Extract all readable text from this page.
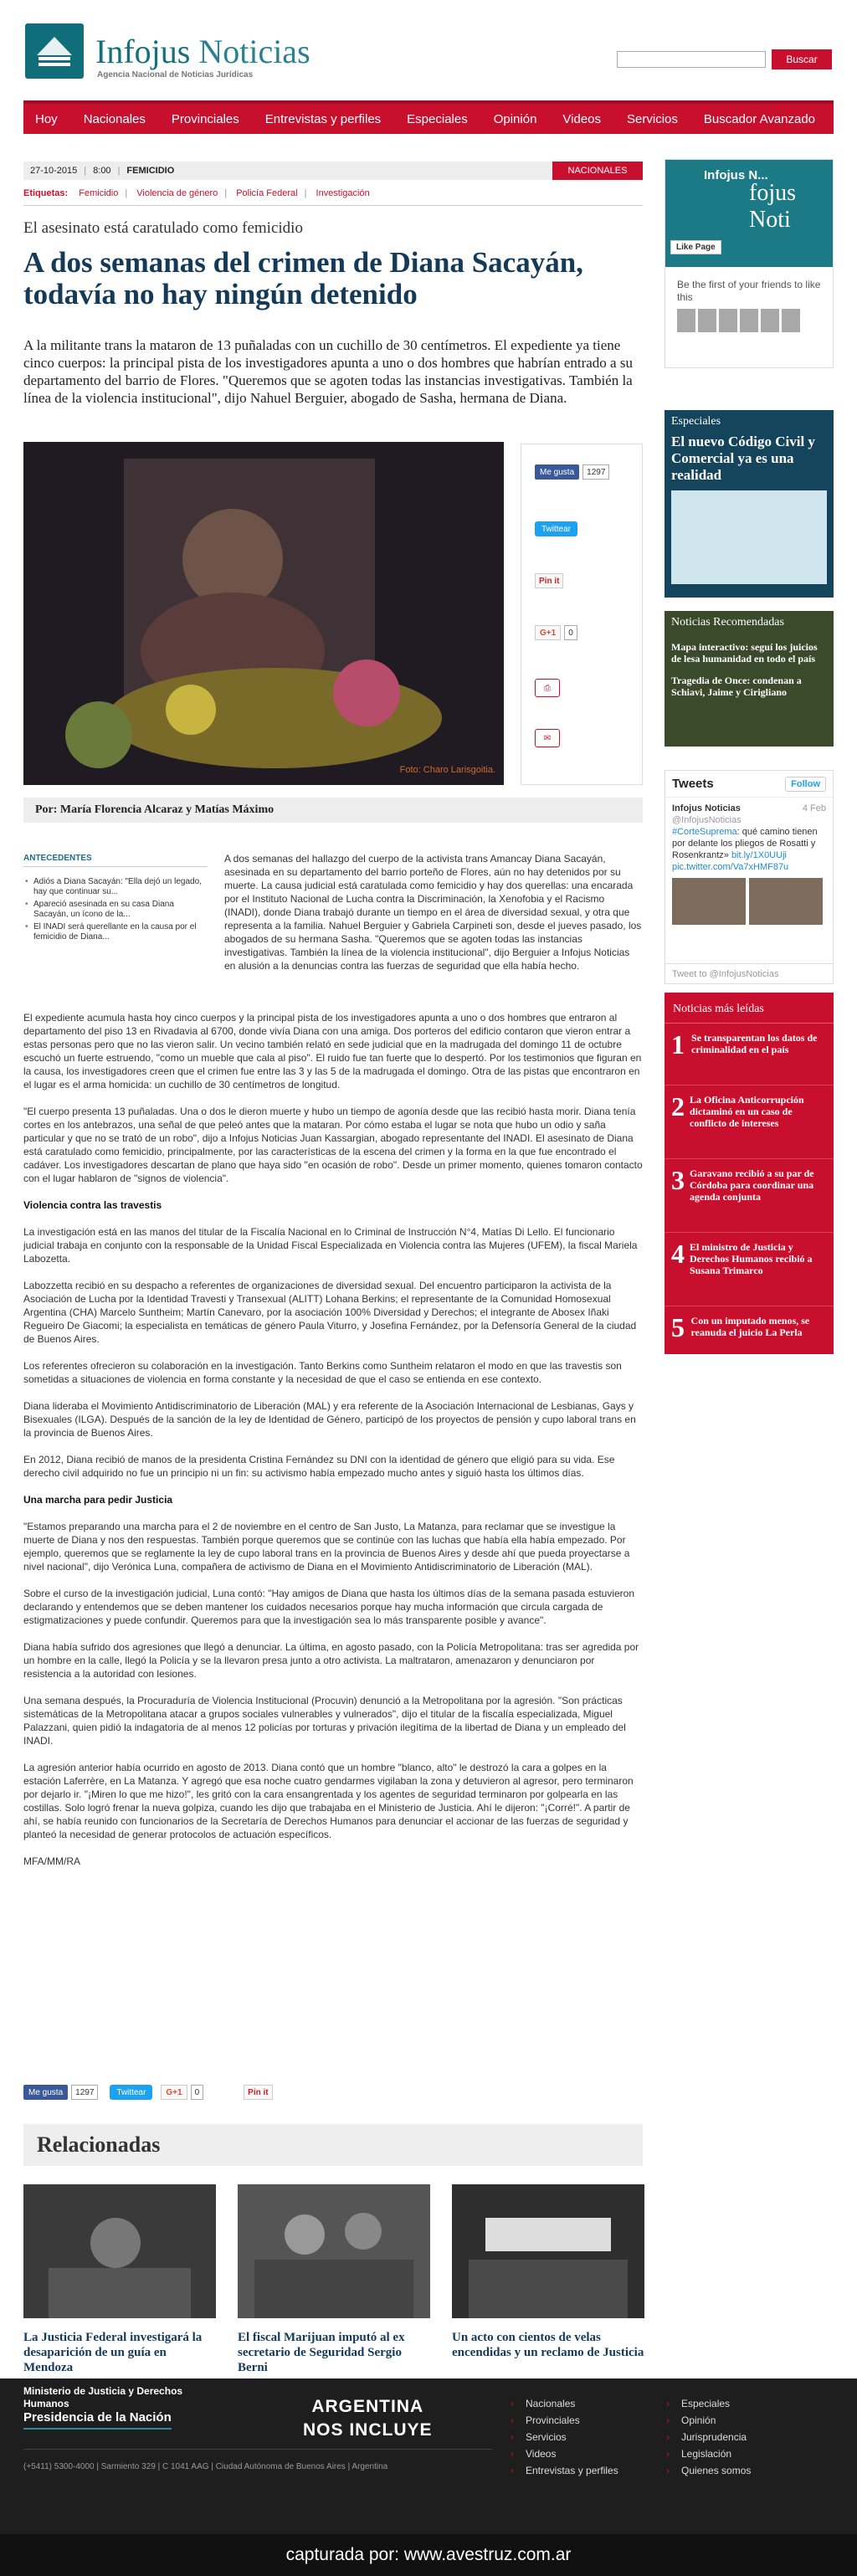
Infojus Noticias
Agencia Nacional de Noticias Jurídicas
Buscar
Hoy Nacionales Provinciales Entrevistas y perfiles Especiales Opinión Videos Servicios Buscador Avanzado
27-10-2015 | 8:00 | FEMICIDIO	NACIONALES
Etiquetas: Femicidio | Violencia de género | Policía Federal | Investigación
El asesinato está caratulado como femicidio
A dos semanas del crimen de Diana Sacayán, todavía no hay ningún detenido
A la militante trans la mataron de 13 puñaladas con un cuchillo de 30 centímetros. El expediente ya tiene cinco cuerpos: la principal pista de los investigadores apunta a uno o dos hombres que habrían entrado a su departamento del barrio de Flores. "Queremos que se agoten todas las instancias investigativas. También la línea de la violencia institucional", dijo Nahuel Berguier, abogado de Sasha, hermana de Diana.
Foto: Charo Larisgoitia.
Me gusta	1297
Twittear
Pin it
G+1	0
⎙
✉
Por: María Florencia Alcaraz y Matías Máximo
ANTECEDENTES
• Adiós a Diana Sacayán: "Ella dejó un legado, hay que continuar su...
• Apareció asesinada en su casa Diana Sacayán, un ícono de la...
• El INADI será querellante en la causa por el femicidio de Diana...
A dos semanas del hallazgo del cuerpo de la activista trans Amancay Diana Sacayán, asesinada en su departamento del barrio porteño de Flores, aún no hay detenidos por su muerte. La causa judicial está caratulada como femicidio y hay dos querellas: una encarada por el Instituto Nacional de Lucha contra la Discriminación, la Xenofobia y el Racismo (INADI), donde Diana trabajó durante un tiempo en el área de diversidad sexual, y otra que representa a la familia. Nahuel Berguier y Gabriela Carpineti son, desde el jueves pasado, los abogados de su hermana Sasha. "Queremos que se agoten todas las instancias investigativas. También la línea de la violencia institucional", dijo Berguier a Infojus Noticias en alusión a la denuncias contra las fuerzas de seguridad que ella había hecho.

El expediente acumula hasta hoy cinco cuerpos y la principal pista de los investigadores apunta a uno o dos hombres que entraron al departamento del piso 13 en Rivadavia al 6700, donde vivía Diana con una amiga. Dos porteros del edificio contaron que vieron entrar a estas personas pero que no las vieron salir. Un vecino también relató en sede judicial que en la madrugada del domingo 11 de octubre escuchó un fuerte estruendo, "como un mueble que cala al piso". El ruido fue tan fuerte que lo despertó. Por los testimonios que figuran en la causa, los investigadores creen que el crimen fue entre las 3 y las 5 de la madrugada el domingo. Otra de las pistas que encontraron en el lugar es el arma homicida: un cuchillo de 30 centímetros de longitud.

"El cuerpo presenta 13 puñaladas. Una o dos le dieron muerte y hubo un tiempo de agonía desde que las recibió hasta morir. Diana tenía cortes en los antebrazos, una señal de que peleó antes que la mataran. Por cómo estaba el lugar se nota que hubo un odio y saña particular y que no se trató de un robo", dijo a Infojus Noticias Juan Kassargian, abogado representante del INADI. El asesinato de Diana está caratulado como femicidio, principalmente, por las características de la escena del crimen y la forma en la que fue encontrado el cadáver. Los investigadores descartan de plano que haya sido "en ocasión de robo". Desde un primer momento, quienes tomaron contacto con el lugar hablaron de "signos de violencia".

Violencia contra las travestis

La investigación está en las manos del titular de la Fiscalía Nacional en lo Criminal de Instrucción N°4, Matías Di Lello. El funcionario judicial trabaja en conjunto con la responsable de la Unidad Fiscal Especializada en Violencia contra las Mujeres (UFEM), la fiscal Mariela Labozetta.

Labozzetta recibió en su despacho a referentes de organizaciones de diversidad sexual. Del encuentro participaron la activista de la Asociación de Lucha por la Identidad Travesti y Transexual (ALITT) Lohana Berkins; el representante de la Comunidad Homosexual Argentina (CHA) Marcelo Suntheim; Martín Canevaro, por la asociación 100% Diversidad y Derechos; el integrante de Abosex Iñaki Regueiro De Giacomi; la especialista en temáticas de género Paula Viturro, y Josefina Fernández, por la Defensoría General de la ciudad de Buenos Aires.

Los referentes ofrecieron su colaboración en la investigación. Tanto Berkins como Suntheim relataron el modo en que las travestis son sometidas a situaciones de violencia en forma constante y la necesidad de que el caso se entienda en ese contexto.

Diana lideraba el Movimiento Antidiscriminatorio de Liberación (MAL) y era referente de la Asociación Internacional de Lesbianas, Gays y Bisexuales (ILGA). Después de la sanción de la ley de Identidad de Género, participó de los proyectos de pensión y cupo laboral trans en la provincia de Buenos Aires.

En 2012, Diana recibió de manos de la presidenta Cristina Fernández su DNI con la identidad de género que eligió para su vida. Ese derecho civil adquirido no fue un principio ni un fin: su activismo había empezado mucho antes y siguió hasta los últimos días.

Una marcha para pedir Justicia

"Estamos preparando una marcha para el 2 de noviembre en el centro de San Justo, La Matanza, para reclamar que se investigue la muerte de Diana y nos den respuestas. También porque queremos que se continúe con las luchas que había ella había empezado. Por ejemplo, queremos que se reglamente la ley de cupo laboral trans en la provincia de Buenos Aires y desde ahí que pueda proyectarse a nivel nacional", dijo Verónica Luna, compañera de activismo de Diana en el Movimiento Antidiscriminatorio de Liberación (MAL).

Sobre el curso de la investigación judicial, Luna contó: "Hay amigos de Diana que hasta los últimos días de la semana pasada estuvieron declarando y entendemos que se deben mantener los cuidados necesarios porque hay mucha información que circula cargada de estigmatizaciones y puede confundir. Queremos para que la investigación sea lo más transparente posible y avance".

Diana había sufrido dos agresiones que llegó a denunciar. La última, en agosto pasado, con la Policía Metropolitana: tras ser agredida por un hombre en la calle, llegó la Policía y se la llevaron presa junto a otro activista. La maltrataron, amenazaron y denunciaron por resistencia a la autoridad con lesiones.

Una semana después, la Procuraduría de Violencia Institucional (Procuvin) denunció a la Metropolitana por la agresión. "Son prácticas sistemáticas de la Metropolitana atacar a grupos sociales vulnerables y vulnerados", dijo el titular de la fiscalía especializada, Miguel Palazzani, quien pidió la indagatoria de al menos 12 policías por torturas y privación ilegítima de la libertad de Diana y un empleado del INADI.

La agresión anterior había ocurrido en agosto de 2013. Diana contó que un hombre "blanco, alto" le destrozó la cara a golpes en la estación Laferrère, en La Matanza. Y agregó que esa noche cuatro gendarmes vigilaban la zona y detuvieron al agresor, pero terminaron por dejarlo ir. "¡Miren lo que me hizo!", les gritó con la cara ensangrentada y los agentes de seguridad terminaron por golpearla en las costillas. Solo logró frenar la nueva golpiza, cuando les dijo que trabajaba en el Ministerio de Justicia. Ahí le dijeron: "¡Corré!". A partir de ahí, se había reunido con funcionarios de la Secretaría de Derechos Humanos para denunciar el accionar de las fuerzas de seguridad y planteó la necesidad de generar protocolos de actuación específicos.

MFA/MM/RA

Me gusta	1297	Twittear	G+1	0	Pin it
Relacionadas
La Justicia Federal investigará la desaparición de un guía en Mendoza
El fiscal Marijuan imputó al ex secretario de Seguridad Sergio Berni
Un acto con cientos de velas encendidas y un reclamo de Justicia
Infojus N...
fojus Noti
Like Page
Be the first of your friends to like this
Especiales
El nuevo Código Civil y Comercial ya es una realidad
Noticias Recomendadas
Mapa interactivo: seguí los juicios de lesa humanidad en todo el país
Tragedia de Once: condenan a Schiavi, Jaime y Cirigliano
Tweets	Follow
Infojus Noticias	4 Feb
@InfojusNoticias
#CorteSuprema: qué camino tienen por delante los pliegos de Rosatti y Rosenkrantz» bit.ly/1X0UUji pic.twitter.com/Va7xHMF87u
Tweet to @InfojusNoticias
Noticias más leídas
1 Se transparentan los datos de criminalidad en el país
2 La Oficina Anticorrupción dictaminó en un caso de conflicto de intereses
3 Garavano recibió a su par de Córdoba para coordinar una agenda conjunta
4 El ministro de Justicia y Derechos Humanos recibió a Susana Trimarco
5 Con un imputado menos, se reanuda el juicio La Perla
Ministerio de Justicia y Derechos Humanos
Presidencia de la Nación
ARGENTINA
NOS INCLUYE
› Nacionales
› Provinciales
› Servicios
› Videos
› Entrevistas y perfiles
› Especiales
› Opinión
› Jurisprudencia
› Legislación
› Quienes somos
(+5411) 5300-4000 | Sarmiento 329 | C 1041 AAG | Ciudad Autónoma de Buenos Aires | Argentina
capturada por: www.avestruz.com.ar
